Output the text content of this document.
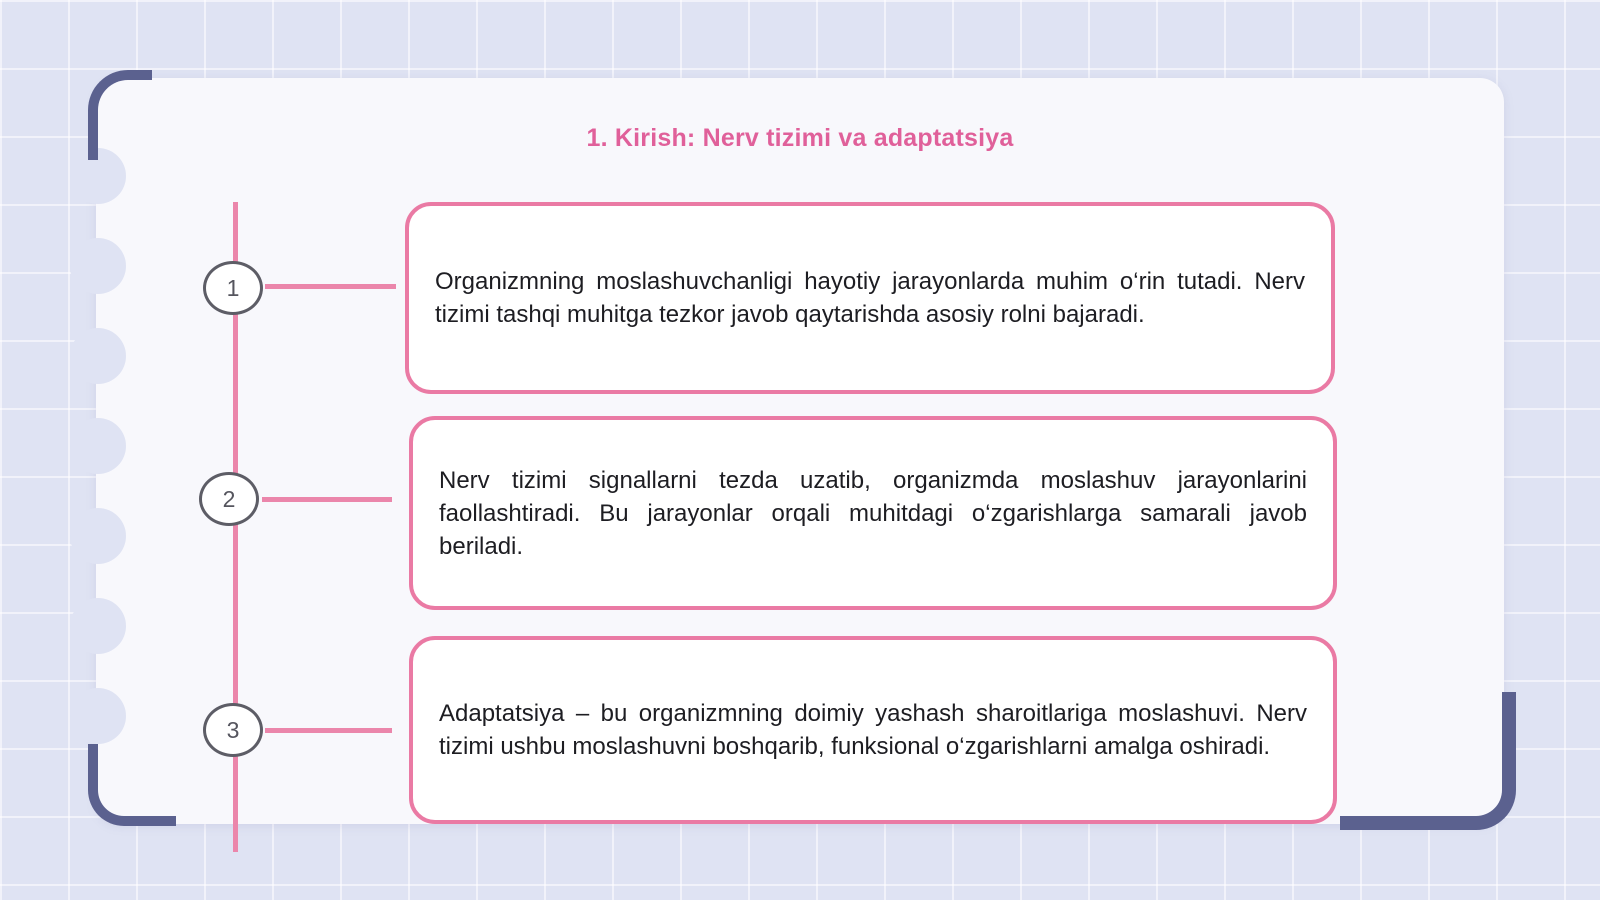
1. Kirish: Nerv tizimi va adaptatsiya
1
2
3

Organizmning moslashuvchanligi hayotiy jarayonlarda muhim o‘rin tutadi. Nerv tizimi tashqi muhitga tezkor javob qaytarishda asosiy rolni bajaradi.

Nerv tizimi signallarni tezda uzatib, organizmda moslashuv jarayonlarini faollashtiradi. Bu jarayonlar orqali muhitdagi o‘zgarishlarga samarali javob beriladi.

Adaptatsiya – bu organizmning doimiy yashash sharoitlariga moslashuvi. Nerv tizimi ushbu moslashuvni boshqarib, funksional o‘zgarishlarni amalga oshiradi.
